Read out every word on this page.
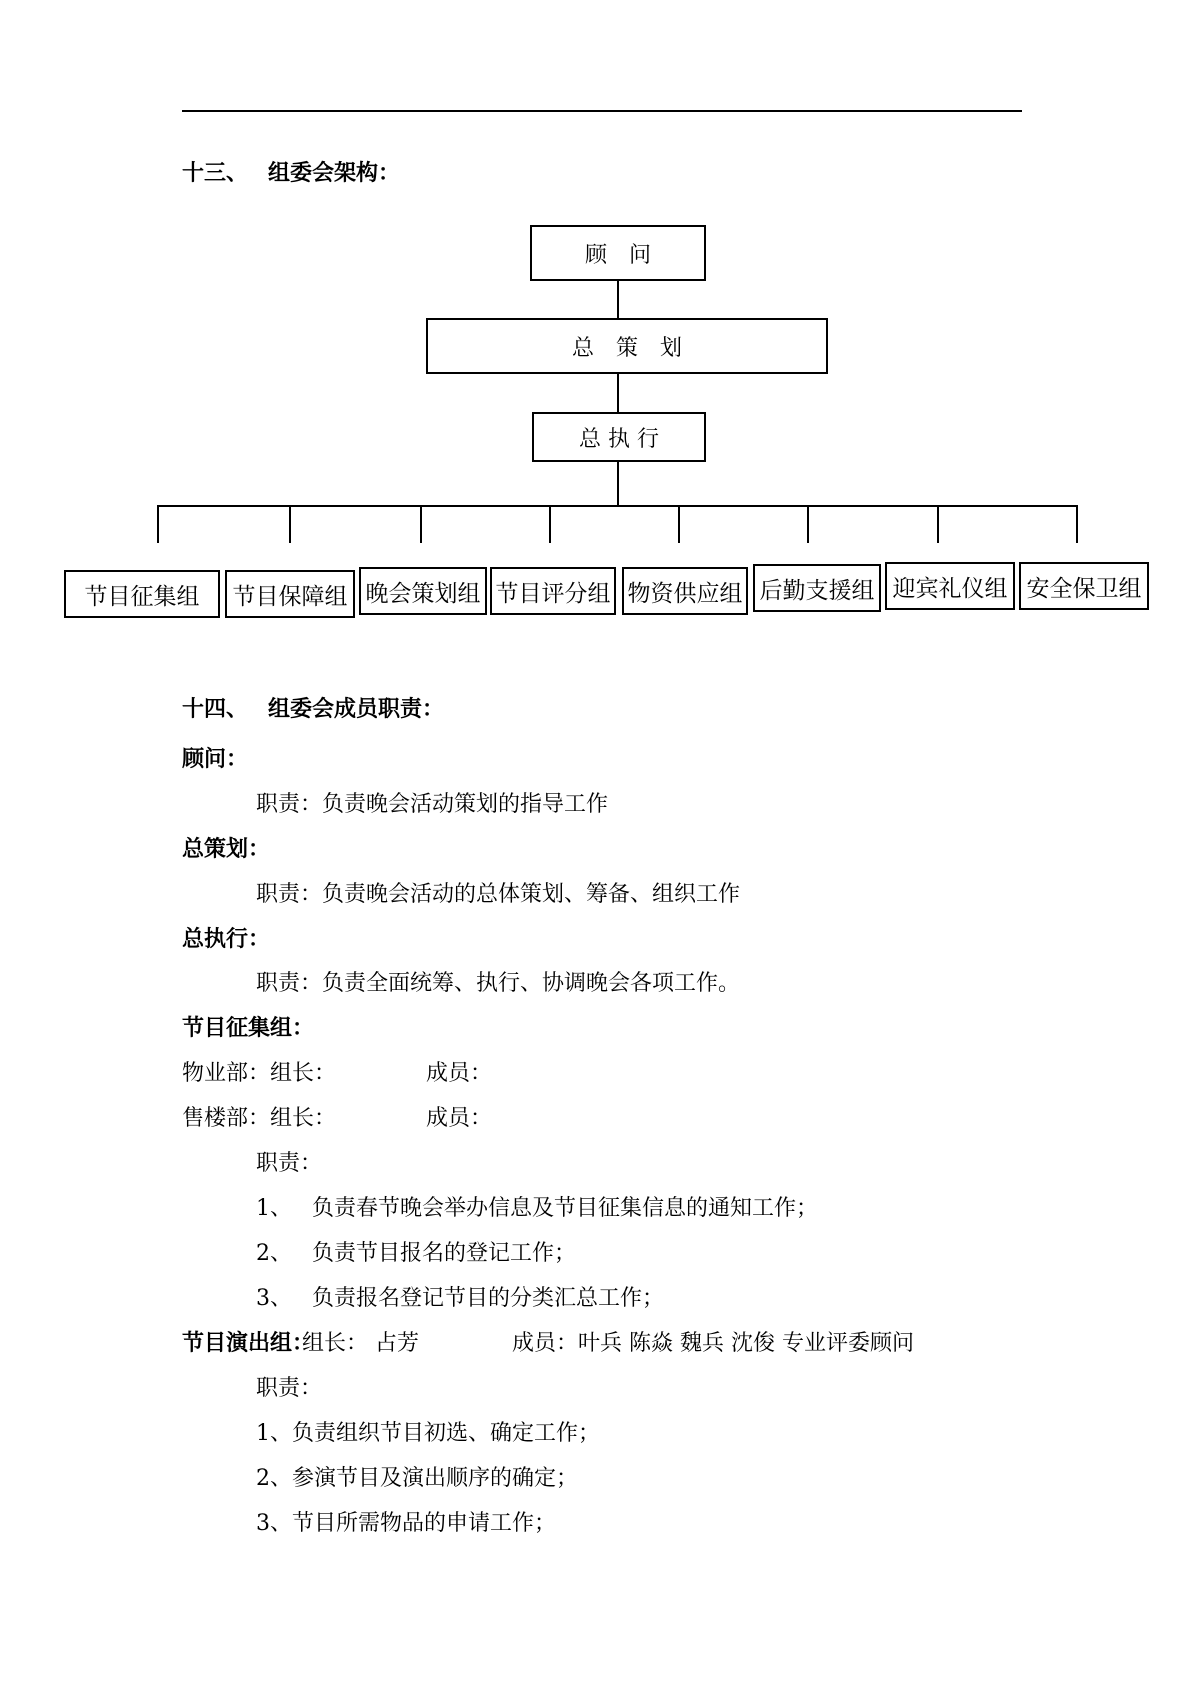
十三、 组委会架构：
顾　问
总　策　划
总 执 行
节目征集组	节目保障组 晚会策划组 节目评分组 物资供应组 后勤支援组 迎宾礼仪组 安全保卫组
十四、 组委会成员职责：
顾问：
职责：负责晚会活动策划的指导工作
总策划：
职责：负责晚会活动的总体策划、筹备、组织工作
总执行：
职责：负责全面统筹、执行、协调晚会各项工作。
节目征集组：
物业部：组长：	成员：
售楼部：组长：	成员：
职责：
1、 负责春节晚会举办信息及节目征集信息的通知工作；
2、 负责节目报名的登记工作；
3、 负责报名登记节目的分类汇总工作；
节目演出组：
组长： 占芳	成员：叶兵 陈焱 魏兵 沈俊 专业评委顾问
职责：
1、负责组织节目初选、确定工作；
2、参演节目及演出顺序的确定；
3、节目所需物品的申请工作；
